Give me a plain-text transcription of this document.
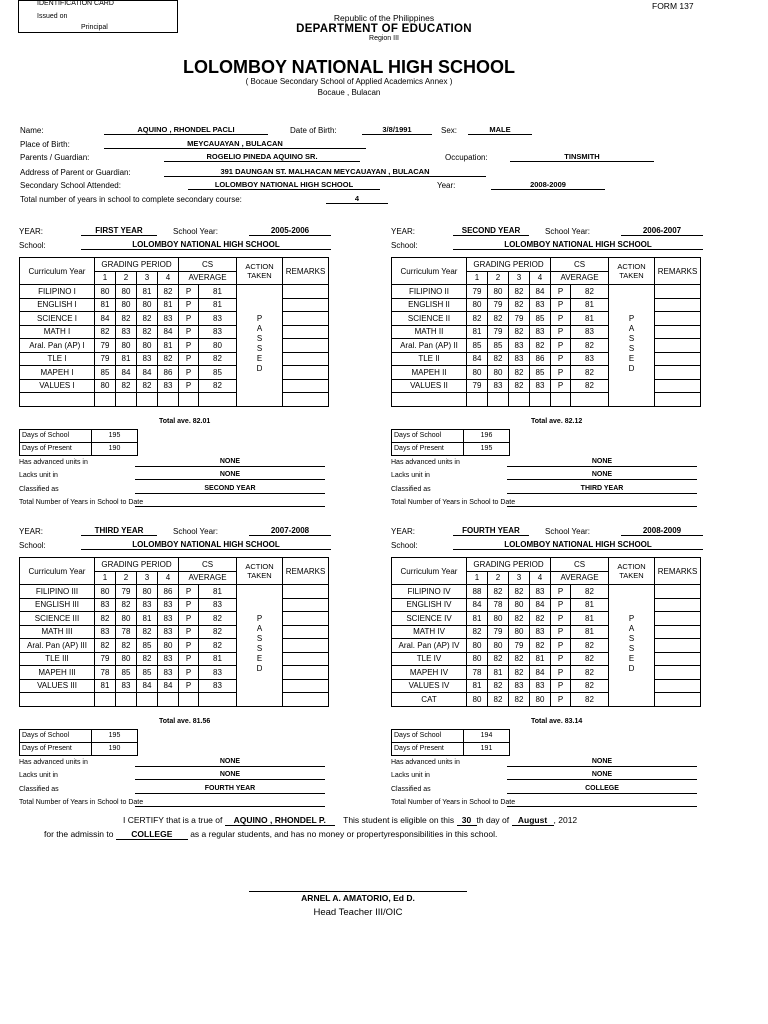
IDENTIFICATION CARD
Issued on
Principal
FORM 137
Republic of the Philippines
DEPARTMENT OF EDUCATION
Region III
LOLOMBOY NATIONAL HIGH SCHOOL
( Bocaue Secondary School of Applied Academics Annex )
Bocaue , Bulacan
Name:	AQUINO , RHONDEL PACLI	Date of Birth:	3/8/1991	Sex:	MALE
Place of Birth:	MEYCAUAYAN , BULACAN
Parents / Guardian:	ROGELIO PINEDA AQUINO SR.	Occupation:	TINSMITH
Address of Parent or Guardian:	391 DAUNGAN ST. MALHACAN MEYCAUAYAN , BULACAN
Secondary School Attended:	LOLOMBOY NATIONAL HIGH SCHOOL	Year:	2008-2009
Total number of years in school to complete secondary course:	4
YEAR:	FIRST YEAR	School Year:	2005-2006
School:	LOLOMBOY NATIONAL HIGH SCHOOL
Curriculum Year	GRADING PERIOD				CS		ACTION TAKEN	REMARKS
	1	2	3	4	AVERAGE			
FILIPINO I	80	80	81	82	P	81	PASSED	
ENGLISH I	81	80	80	81	P	81		
SCIENCE I	84	82	82	83	P	83		
MATH I	82	83	82	84	P	83		
Aral. Pan (AP) I	79	80	80	81	P	80		
TLE I	79	81	83	82	P	82		
MAPEH I	85	84	84	86	P	85		
VALUES I	80	82	82	83	P	82		

Total ave. 82.01
Days of School	195
Days of Present	190
Has advanced units in	NONE
Lacks unit in	NONE
Classified as	SECOND YEAR
Total Number of Years in School to Date
YEAR:	SECOND YEAR	School Year:	2006-2007
School:	LOLOMBOY NATIONAL HIGH SCHOOL
Curriculum Year	GRADING PERIOD				CS		ACTION TAKEN	REMARKS
	1	2	3	4	AVERAGE			
FILIPINO II	79	80	82	84	P	82	PASSED	
ENGLISH II	80	79	82	83	P	81		
SCIENCE II	82	82	79	85	P	81		
MATH II	81	79	82	83	P	83		
Aral. Pan (AP) II	85	85	83	82	P	82		
TLE II	84	82	83	86	P	83		
MAPEH II	80	80	82	85	P	82		
VALUES II	79	83	82	83	P	82		

Total ave. 82.12
Days of School	196
Days of Present	195
Has advanced units in	NONE
Lacks unit in	NONE
Classified as	THIRD YEAR
Total Number of Years in School to Date
YEAR:	THIRD YEAR	School Year:	2007-2008
School:	LOLOMBOY NATIONAL HIGH SCHOOL
Curriculum Year	GRADING PERIOD				CS		ACTION TAKEN	REMARKS
	1	2	3	4	AVERAGE			
FILIPINO III	80	79	80	86	P	81	PASSED	
ENGLISH III	83	82	83	83	P	83		
SCIENCE III	82	80	81	83	P	82		
MATH III	83	78	82	83	P	82		
Aral. Pan (AP) III	82	82	85	80	P	82		
TLE III	79	80	82	83	P	81		
MAPEH III	78	85	85	83	P	83		
VALUES III	81	83	84	84	P	83		

Total ave. 81.56
Days of School	195
Days of Present	190
Has advanced units in	NONE
Lacks unit in	NONE
Classified as	FOURTH YEAR
Total Number of Years in School to Date
YEAR:	FOURTH YEAR	School Year:	2008-2009
School:	LOLOMBOY NATIONAL HIGH SCHOOL
Curriculum Year	GRADING PERIOD				CS		ACTION TAKEN	REMARKS
	1	2	3	4	AVERAGE			
FILIPINO IV	88	82	82	83	P	82	PASSED	
ENGLISH IV	84	78	80	84	P	81		
SCIENCE IV	81	80	82	82	P	81		
MATH IV	82	79	80	83	P	81		
Aral. Pan (AP) IV	80	80	79	82	P	82		
TLE IV	80	82	82	81	P	82		
MAPEH IV	78	81	82	84	P	82		
VALUES IV	81	82	83	83	P	82		
CAT	80	82	82	80	P	82		
Total ave. 83.14
Days of School	194
Days of Present	191
Has advanced units in	NONE
Lacks unit in	NONE
Classified as	COLLEGE
Total Number of Years in School to Date
I CERTIFY that is a true of AQUINO , RHONDEL P. This student is eligible on this 30 th day of August , 2012
for the admissin to COLLEGE as a regular students, and has no money or propertyresponsibilities in this school.
ARNEL A. AMATORIO, Ed D.
Head Teacher III/OIC
